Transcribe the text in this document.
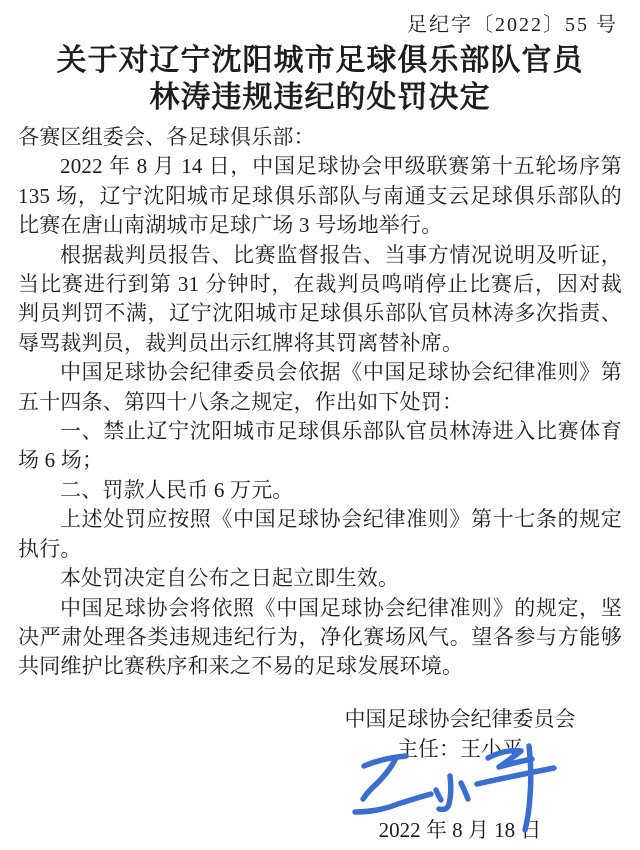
足纪字〔2022〕55 号
关于对辽宁沈阳城市足球俱乐部队官员
林涛违规违纪的处罚决定

各赛区组委会、各足球俱乐部：

2022 年 8 月 14 日，中国足球协会甲级联赛第十五轮场序第 135 场，辽宁沈阳城市足球俱乐部队与南通支云足球俱乐部队的比赛在唐山南湖城市足球广场 3 号场地举行。

根据裁判员报告、比赛监督报告、当事方情况说明及听证，当比赛进行到第 31 分钟时，在裁判员鸣哨停止比赛后，因对裁判员判罚不满，辽宁沈阳城市足球俱乐部队官员林涛多次指责、辱骂裁判员，裁判员出示红牌将其罚离替补席。

中国足球协会纪律委员会依据《中国足球协会纪律准则》第五十四条、第四十八条之规定，作出如下处罚：

一、禁止辽宁沈阳城市足球俱乐部队官员林涛进入比赛体育场 6 场；

二、罚款人民币 6 万元。

上述处罚应按照《中国足球协会纪律准则》第十七条的规定执行。

本处罚决定自公布之日起立即生效。

中国足球协会将依照《中国足球协会纪律准则》的规定，坚决严肃处理各类违规违纪行为，净化赛场风气。望各参与方能够共同维护比赛秩序和来之不易的足球发展环境。

中国足球协会纪律委员会
主任：王小平
2022 年 8 月 18 日
